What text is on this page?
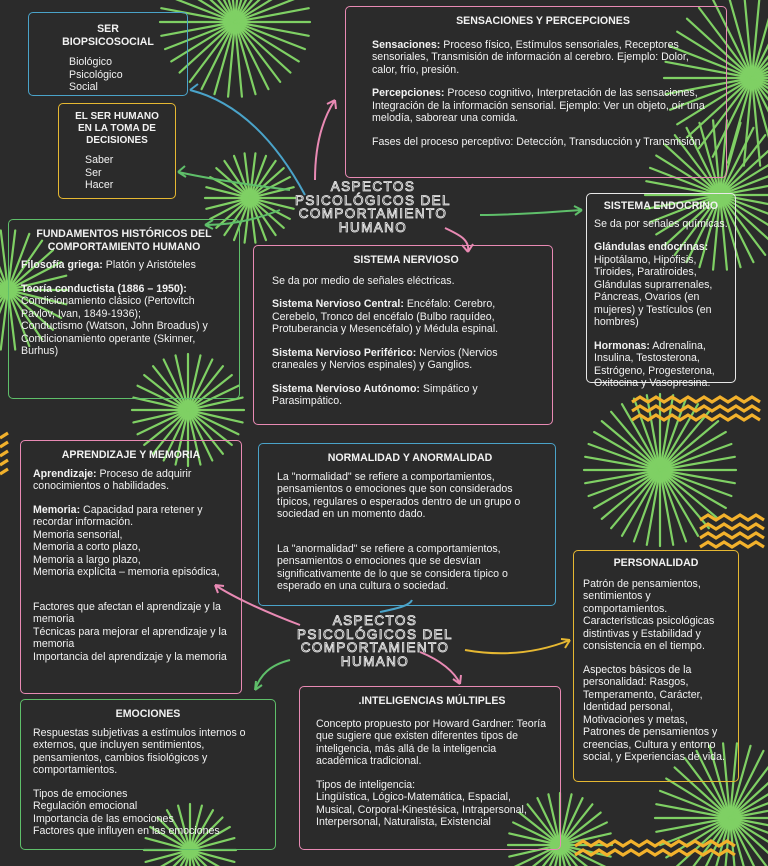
ASPECTOS
PSICOLÓGICOS DEL
COMPORTAMIENTO
HUMANO
ASPECTOS
PSICOLÓGICOS DEL
COMPORTAMIENTO
HUMANO
SER BIOPSICOSOCIAL
Biológico
Psicológico
Social
EL SER HUMANO EN LA TOMA DE DECISIONES
Saber
Ser
Hacer
SENSACIONES Y PERCEPCIONES

Sensaciones: Proceso físico, Estímulos sensoriales, Receptores sensoriales, Transmisión de información al cerebro. Ejemplo: Dolor, calor, frío, presión.

Percepciones: Proceso cognitivo, Interpretación de las sensaciones, Integración de la información sensorial. Ejemplo: Ver un objeto, oír una melodía, saborear una comida.

Fases del proceso perceptivo: Detección, Transducción y Transmisión

FUNDAMENTOS HISTÓRICOS DEL COMPORTAMIENTO HUMANO

Filosofía griega: Platón y Aristóteles

Teoría conductista (1886 – 1950):
Condicionamiento clásico (Pertovitch Pavlov, Ivan, 1849-1936);
Conductismo (Watson, John Broadus) y
Condicionamiento operante (Skinner, Burhus)

SISTEMA NERVIOSO

Se da por medio de señales eléctricas.

Sistema Nervioso Central: Encéfalo: Cerebro, Cerebelo, Tronco del encéfalo (Bulbo raquídeo, Protuberancia y Mesencéfalo) y Médula espinal.

Sistema Nervioso Periférico: Nervios (Nervios craneales y Nervios espinales) y Ganglios.

Sistema Nervioso Autónomo: Simpático y Parasimpático.

SISTEMA ENDOCRINO

Se da por señales químicas.

Glándulas endocrinas: Hipotálamo, Hipófisis, Tiroides, Paratiroides, Glándulas suprarrenales, Páncreas, Ovarios (en mujeres) y Testículos (en hombres)

Hormonas: Adrenalina, Insulina, Testosterona, Estrógeno, Progesterona, Oxitocina y Vasopresina.

APRENDIZAJE Y MEMORIA

Aprendizaje: Proceso de adquirir conocimientos o habilidades.

Memoria: Capacidad para retener y recordar información.
Memoria sensorial,
Memoria a corto plazo,
Memoria a largo plazo,
Memoria explícita – memoria episódica,

Factores que afectan el aprendizaje y la memoria
Técnicas para mejorar el aprendizaje y la memoria
Importancia del aprendizaje y la memoria

NORMALIDAD Y ANORMALIDAD

La "normalidad" se refiere a comportamientos, pensamientos o emociones que son considerados típicos, regulares o esperados dentro de un grupo o sociedad en un momento dado.

La "anormalidad" se refiere a comportamientos, pensamientos o emociones que se desvían significativamente de lo que se considera típico o esperado en una cultura o sociedad.

PERSONALIDAD

Patrón de pensamientos, sentimientos y comportamientos.
Características psicológicas distintivas y Estabilidad y consistencia en el tiempo.

Aspectos básicos de la personalidad: Rasgos, Temperamento, Carácter, Identidad personal, Motivaciones y metas, Patrones de pensamientos y creencias, Cultura y entorno social, y Experiencias de vida.

EMOCIONES

Respuestas subjetivas a estímulos internos o externos, que incluyen sentimientos, pensamientos, cambios fisiológicos y comportamientos.

Tipos de emociones
Regulación emocional
Importancia de las emociones
Factores que influyen en las emociones

.INTELIGENCIAS MÚLTIPLES

Concepto propuesto por Howard Gardner: Teoría que sugiere que existen diferentes tipos de inteligencia, más allá de la inteligencia académica tradicional.

Tipos de inteligencia:
Lingüística, Lógico-Matemática, Espacial, Musical, Corporal-Kinestésica, Intrapersonal, Interpersonal, Naturalista, Existencial
